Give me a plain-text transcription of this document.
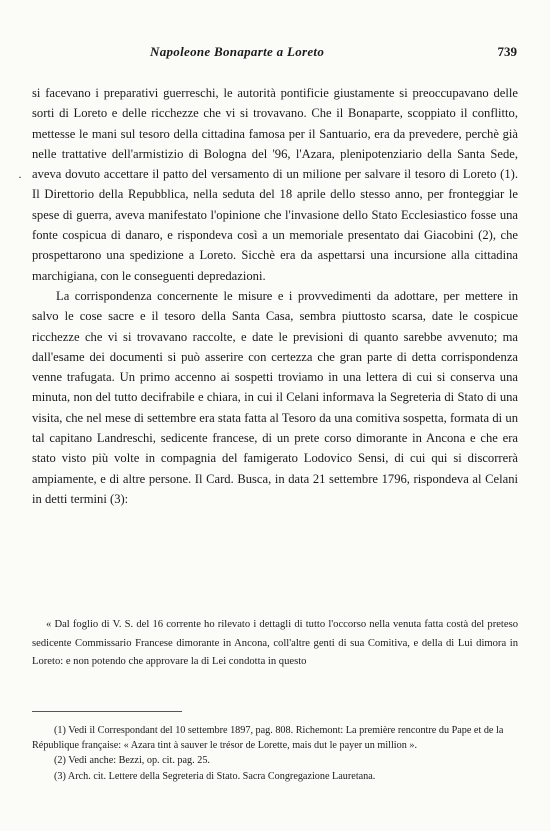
Napoleone Bonaparte a Loreto	739
·

si facevano i preparativi guerreschi, le autorità pontificie giustamente si preoccupavano delle sorti di Loreto e delle ricchezze che vi si trovavano. Che il Bonaparte, scoppiato il conflitto, mettesse le mani sul tesoro della cittadina famosa per il Santuario, era da prevedere, perchè già nelle trattative dell'armistizio di Bologna del '96, l'Azara, plenipotenziario della Santa Sede, aveva dovuto accettare il patto del versamento di un milione per salvare il tesoro di Loreto (1). Il Direttorio della Repubblica, nella seduta del 18 aprile dello stesso anno, per fronteggiar le spese di guerra, aveva manifestato l'opinione che l'invasione dello Stato Ecclesiastico fosse una fonte cospicua di danaro, e rispondeva così a un memoriale presentato dai Giacobini (2), che prospettarono una spedizione a Loreto. Sicchè era da aspettarsi una incursione alla cittadina marchigiana, con le conseguenti depredazioni.

La corrispondenza concernente le misure e i provvedimenti da adottare, per mettere in salvo le cose sacre e il tesoro della Santa Casa, sembra piuttosto scarsa, date le cospicue ricchezze che vi si trovavano raccolte, e date le previsioni di quanto sarebbe avvenuto; ma dall'esame dei documenti si può asserire con certezza che gran parte di detta corrispondenza venne trafugata. Un primo accenno ai sospetti troviamo in una lettera di cui si conserva una minuta, non del tutto decifrabile e chiara, in cui il Celani informava la Segreteria di Stato di una visita, che nel mese di settembre era stata fatta al Tesoro da una comitiva sospetta, formata di un tal capitano Landreschi, sedicente francese, di un prete corso dimorante in Ancona e che era stato visto più volte in compagnia del famigerato Lodovico Sensi, di cui qui si discorrerà ampiamente, e di altre persone. Il Card. Busca, in data 21 settembre 1796, rispondeva al Celani in detti termini (3):

« Dal foglio di V. S. del 16 corrente ho rilevato i dettagli di tutto l'occorso nella venuta fatta costà del preteso sedicente Commissario Francese dimorante in Ancona, coll'altre genti di sua Comitiva, e della di Lui dimora in Loreto: e non potendo che approvare la di Lei condotta in questo

(1) Vedi il Correspondant del 10 settembre 1897, pag. 808. Richemont: La première rencontre du Pape et de la République française: « Azara tint à sauver le trésor de Lorette, mais dut le payer un million ».

(2) Vedi anche: Bezzi, op. cit. pag. 25.

(3) Arch. cit. Lettere della Segreteria di Stato. Sacra Congregazione Lauretana.
